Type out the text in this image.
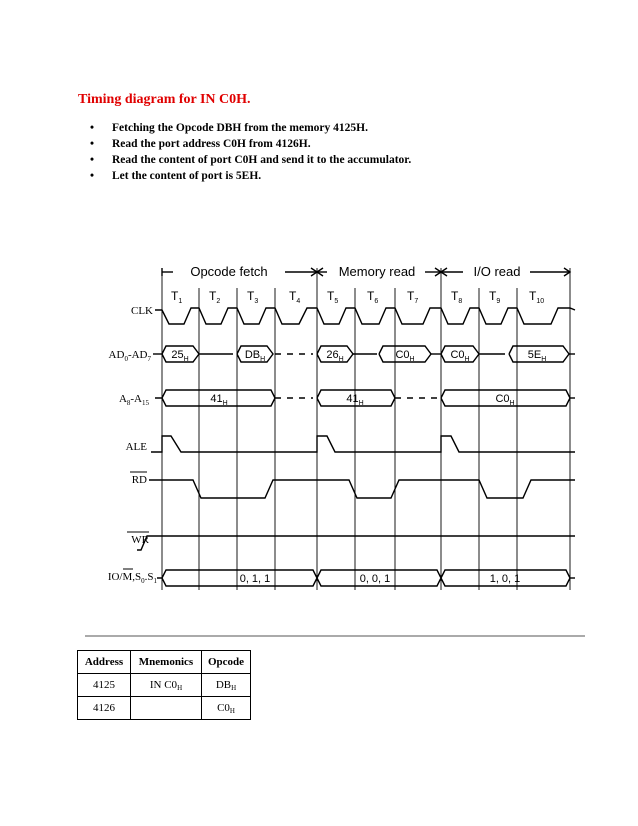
Timing diagram for IN C0H.
• Fetching the Opcode DBH from the memory 4125H.
• Read the port address C0H from 4126H.
• Read the content of port C0H and send it to the accumulator.
• Let the content of port is 5EH.
Opcode fetch	Memory read	I/O read
$T_1$ $T_2$ $T_3$	$T_4$ $T_5$ $T_6$ $T_7$	$T_8$ $T_9$ $T_{10}$
CLK
$AD_0-AD_7$
$A_8-A_{15}$
ALE
RD
WR
$IO/M,S_0.S_1$
$25_H$	$DB_H$	$26_H$	$C0_H$	$C0_H$	$5E_H$
$41_H$	$41_H$	$C0_H$
0, 1, 1	0, 0, 1	1, 0, 1
Address	Mnemonics	Opcode
4125	IN $C0_H$	$DB_H$
4126		$C0_H$
